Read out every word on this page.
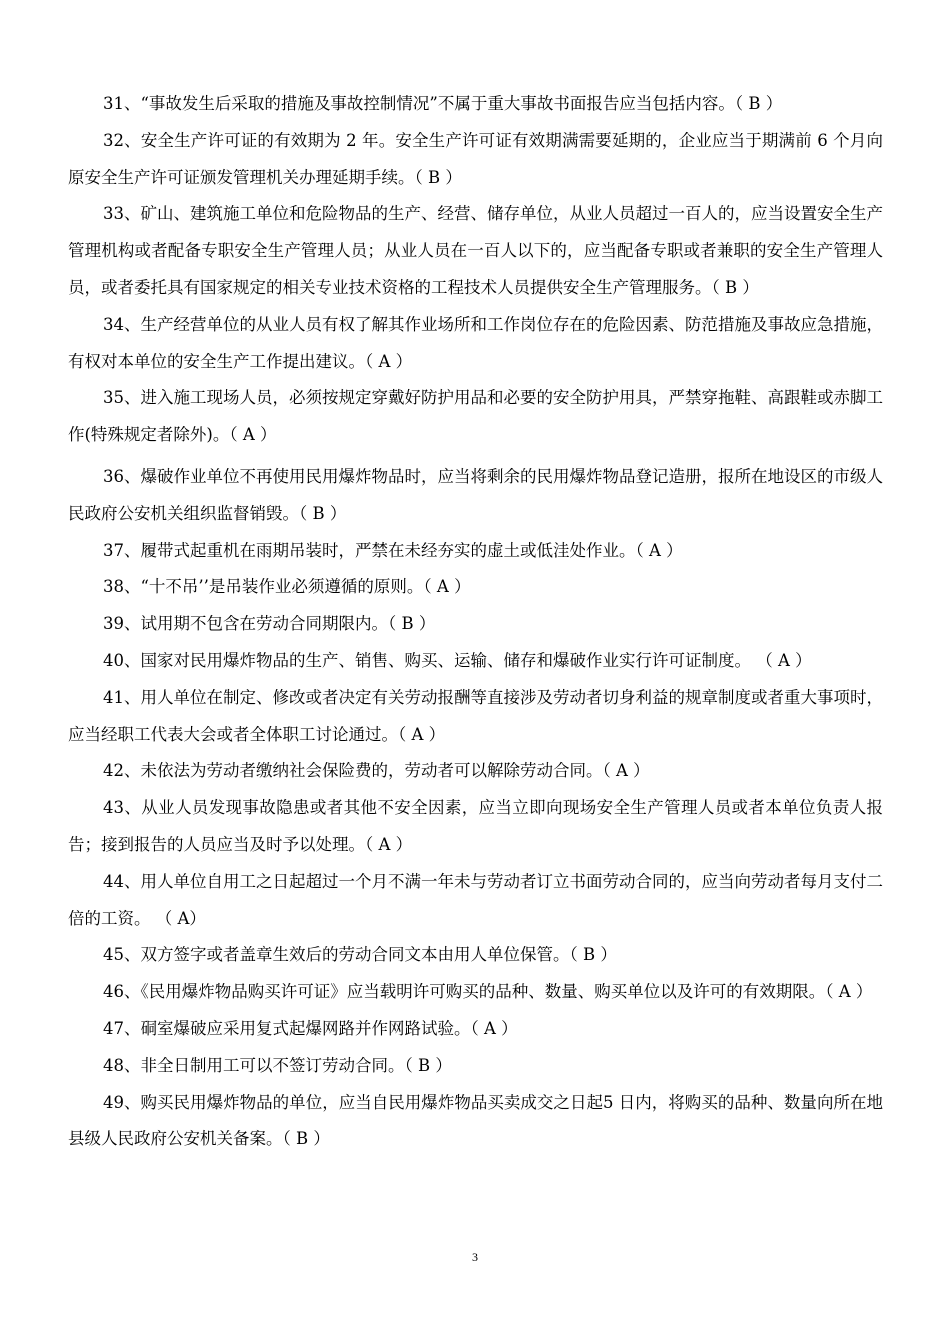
31、“事故发生后采取的措施及事故控制情况”不属于重大事故书面报告应当包括内容。（ B ）

32、安全生产许可证的有效期为 2 年。安全生产许可证有效期满需要延期的，企业应当于期满前 6 个月向原安全生产许可证颁发管理机关办理延期手续。（ B ）

33、矿山、建筑施工单位和危险物品的生产、经营、储存单位，从业人员超过一百人的，应当设置安全生产管理机构或者配备专职安全生产管理人员；从业人员在一百人以下的，应当配备专职或者兼职的安全生产管理人员，或者委托具有国家规定的相关专业技术资格的工程技术人员提供安全生产管理服务。（ B ）

34、生产经营单位的从业人员有权了解其作业场所和工作岗位存在的危险因素、防范措施及事故应急措施，有权对本单位的安全生产工作提出建议。（ A ）

35、进入施工现场人员，必须按规定穿戴好防护用品和必要的安全防护用具，严禁穿拖鞋、高跟鞋或赤脚工作(特殊规定者除外)。（ A ）

36、爆破作业单位不再使用民用爆炸物品时，应当将剩余的民用爆炸物品登记造册，报所在地设区的市级人民政府公安机关组织监督销毁。（ B ）

37、履带式起重机在雨期吊装时，严禁在未经夯实的虚土或低洼处作业。（ A ）

38、“十不吊’’是吊装作业必须遵循的原则。（ A ）

39、试用期不包含在劳动合同期限内。（ B ）

40、国家对民用爆炸物品的生产、销售、购买、运输、储存和爆破作业实行许可证制度。 （ A ）

41、用人单位在制定、修改或者决定有关劳动报酬等直接涉及劳动者切身利益的规章制度或者重大事项时，应当经职工代表大会或者全体职工讨论通过。（ A ）

42、未依法为劳动者缴纳社会保险费的，劳动者可以解除劳动合同。（ A ）

43、从业人员发现事故隐患或者其他不安全因素，应当立即向现场安全生产管理人员或者本单位负责人报告；接到报告的人员应当及时予以处理。（ A ）

44、用人单位自用工之日起超过一个月不满一年未与劳动者订立书面劳动合同的，应当向劳动者每月支付二倍的工资。 （ A）

45、双方签字或者盖章生效后的劳动合同文本由用人单位保管。（ B ）

46、《民用爆炸物品购买许可证》应当载明许可购买的品种、数量、购买单位以及许可的有效期限。（ A ）

47、硐室爆破应采用复式起爆网路并作网路试验。（ A ）

48、非全日制用工可以不签订劳动合同。（ B ）

49、购买民用爆炸物品的单位，应当自民用爆炸物品买卖成交之日起5 日内，将购买的品种、数量向所在地县级人民政府公安机关备案。（ B ）

3
